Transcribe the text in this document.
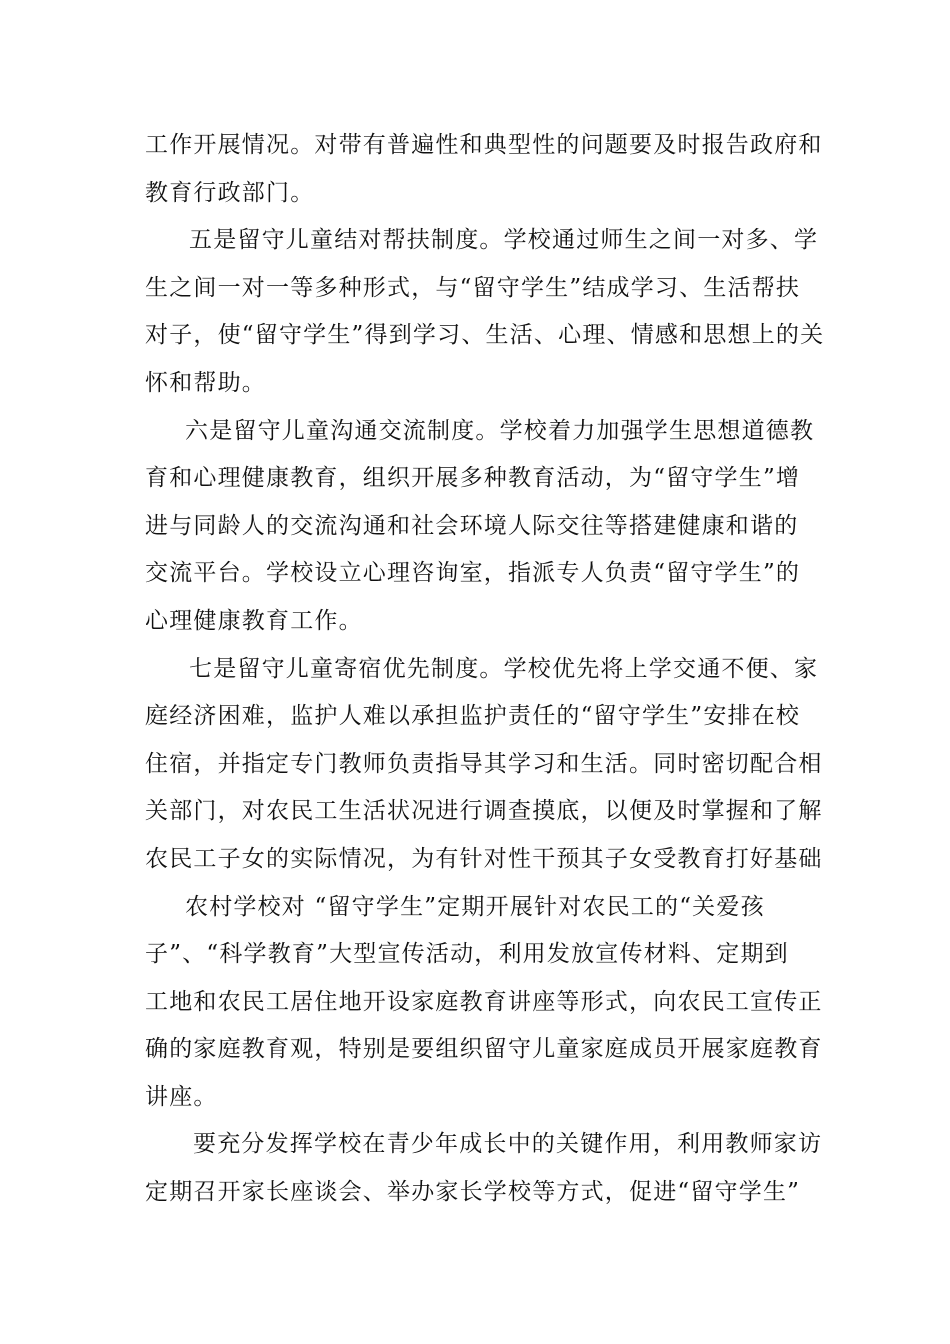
工作开展情况。对带有普遍性和典型性的问题要及时报告政府和
教育行政部门。
五是留守儿童结对帮扶制度。学校通过师生之间一对多、学
生之间一对一等多种形式，与“留守学生”结成学习、生活帮扶
对子，使“留守学生”得到学习、生活、心理、情感和思想上的关
怀和帮助。
六是留守儿童沟通交流制度。学校着力加强学生思想道德教
育和心理健康教育，组织开展多种教育活动，为“留守学生”增
进与同龄人的交流沟通和社会环境人际交往等搭建健康和谐的
交流平台。学校设立心理咨询室，指派专人负责“留守学生”的
心理健康教育工作。
七是留守儿童寄宿优先制度。学校优先将上学交通不便、家
庭经济困难，监护人难以承担监护责任的“留守学生”安排在校
住宿，并指定专门教师负责指导其学习和生活。同时密切配合相
关部门，对农民工生活状况进行调查摸底，以便及时掌握和了解
农民工子女的实际情况，为有针对性干预其子女受教育打好基础
农村学校对 “留守学生”定期开展针对农民工的“关爱孩
子”、“科学教育”大型宣传活动，利用发放宣传材料、定期到
工地和农民工居住地开设家庭教育讲座等形式，向农民工宣传正
确的家庭教育观，特别是要组织留守儿童家庭成员开展家庭教育
讲座。
要充分发挥学校在青少年成长中的关键作用，利用教师家访
定期召开家长座谈会、举办家长学校等方式，促进“留守学生”
